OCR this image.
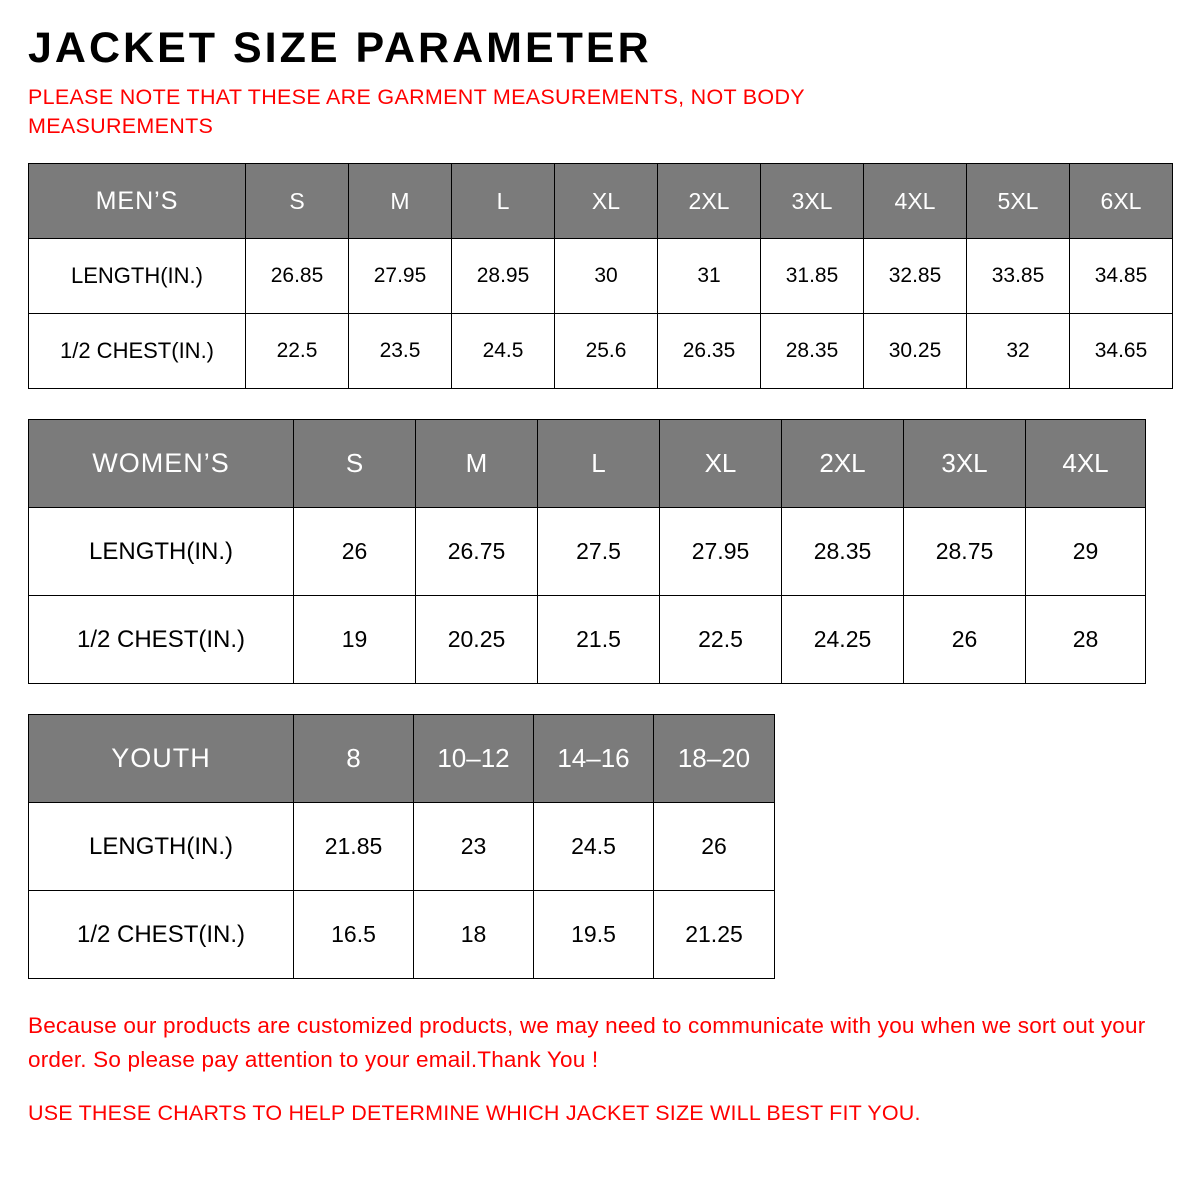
JACKET SIZE PARAMETER

PLEASE NOTE THAT THESE ARE GARMENT MEASUREMENTS, NOT BODY MEASUREMENTS

MEN’S	S	M	L	XL	2XL	3XL	4XL	5XL	6XL
LENGTH(IN.)	26.85	27.95	28.95	30	31	31.85	32.85	33.85	34.85
1/2 CHEST(IN.)	22.5	23.5	24.5	25.6	26.35	28.35	30.25	32	34.65
WOMEN’S	S	M	L	XL	2XL	3XL	4XL
LENGTH(IN.)	26	26.75	27.5	27.95	28.35	28.75	29
1/2 CHEST(IN.)	19	20.25	21.5	22.5	24.25	26	28
YOUTH	8	10–12	14–16	18–20
LENGTH(IN.)	21.85	23	24.5	26
1/2 CHEST(IN.)	16.5	18	19.5	21.25
Because our products are customized products, we may need to communicate with you when we sort out your order. So please pay attention to your email.Thank You !
USE THESE CHARTS TO HELP DETERMINE WHICH JACKET SIZE WILL BEST FIT YOU.
